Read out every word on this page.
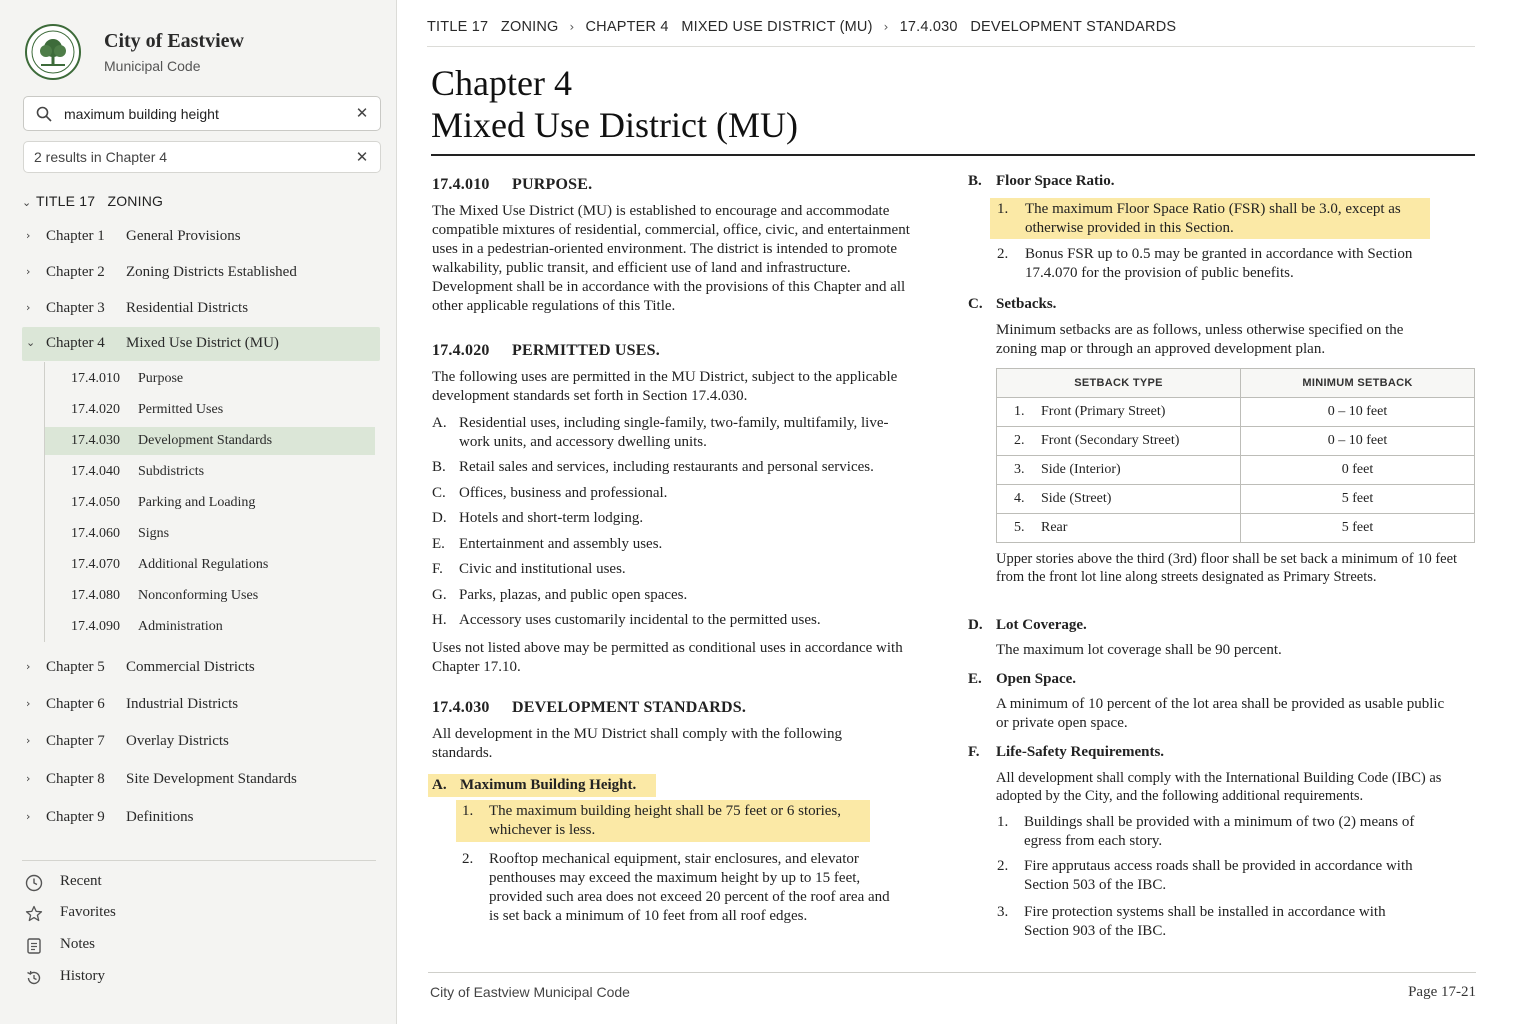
City of Eastview
Municipal Code
maximum building height
✕
2 results in Chapter 4	✕
⌄ TITLE 17   ZONING
›	Chapter 1 General Provisions
›	Chapter 2 Zoning Districts Established
›	Chapter 3 Residential Districts
⌄ Chapter 4 Mixed Use District (MU)
17.4.010 Purpose
17.4.020 Permitted Uses
17.4.030 Development Standards
17.4.040 Subdistricts
17.4.050 Parking and Loading
17.4.060 Signs
17.4.070 Additional Regulations
17.4.080 Nonconforming Uses
17.4.090 Administration
›	Chapter 5 Commercial Districts
›	Chapter 6 Industrial Districts
›	Chapter 7 Overlay Districts
›	Chapter 8 Site Development Standards
›	Chapter 9 Definitions
Recent
Favorites
Notes
History
TITLE 17   ZONING › CHAPTER 4   MIXED USE DISTRICT (MU) › 17.4.030   DEVELOPMENT STANDARDS
Chapter 4
Mixed Use District (MU)
17.4.010 PURPOSE.
The Mixed Use District (MU) is established to encourage and accommodate compatible mixtures of residential, commercial, office, civic, and entertainment uses in a pedestrian-oriented environment. The district is intended to promote walkability, public transit, and efficient use of land and infrastructure. Development shall be in accordance with the provisions of this Chapter and all other applicable regulations of this Title.
17.4.020 PERMITTED USES.
The following uses are permitted in the MU District, subject to the applicable development standards set forth in Section 17.4.030.
A. Residential uses, including single-family, two-family, multifamily, live-work units, and accessory dwelling units.
B. Retail sales and services, including restaurants and personal services.
C. Offices, business and professional.
D. Hotels and short-term lodging.
E. Entertainment and assembly uses.
F. Civic and institutional uses.
G. Parks, plazas, and public open spaces.
H. Accessory uses customarily incidental to the permitted uses.
Uses not listed above may be permitted as conditional uses in accordance with Chapter 17.10.
17.4.030 DEVELOPMENT STANDARDS.
All development in the MU District shall comply with the following standards.
A. Maximum Building Height.
1. The maximum building height shall be 75 feet or 6 stories, whichever is less.
2. Rooftop mechanical equipment, stair enclosures, and elevator penthouses may exceed the maximum height by up to 15 feet, provided such area does not exceed 20 percent of the roof area and is set back a minimum of 10 feet from all roof edges.
B. Floor Space Ratio.
1. The maximum Floor Space Ratio (FSR) shall be 3.0, except as otherwise provided in this Section.
2. Bonus FSR up to 0.5 may be granted in accordance with Section 17.4.070 for the provision of public benefits.
C. Setbacks.
Minimum setbacks are as follows, unless otherwise specified on the zoning map or through an approved development plan.
SETBACK TYPE	MINIMUM SETBACK
1. Front (Primary Street)	0 – 10 feet
2. Front (Secondary Street)	0 – 10 feet
3. Side (Interior)	0 feet
4. Side (Street)	5 feet
5. Rear	5 feet
Upper stories above the third (3rd) floor shall be set back a minimum of 10 feet from the front lot line along streets designated as Primary Streets.
D. Lot Coverage.
The maximum lot coverage shall be 90 percent.
E. Open Space.
A minimum of 10 percent of the lot area shall be provided as usable public or private open space.
F. Life-Safety Requirements.
All development shall comply with the International Building Code (IBC) as adopted by the City, and the following additional requirements.
1. Buildings shall be provided with a minimum of two (2) means of egress from each story.
2. Fire apprutaus access roads shall be provided in accordance with Section 503 of the IBC.
3. Fire protection systems shall be installed in accordance with Section 903 of the IBC.
City of Eastview Municipal Code	Page 17-21
